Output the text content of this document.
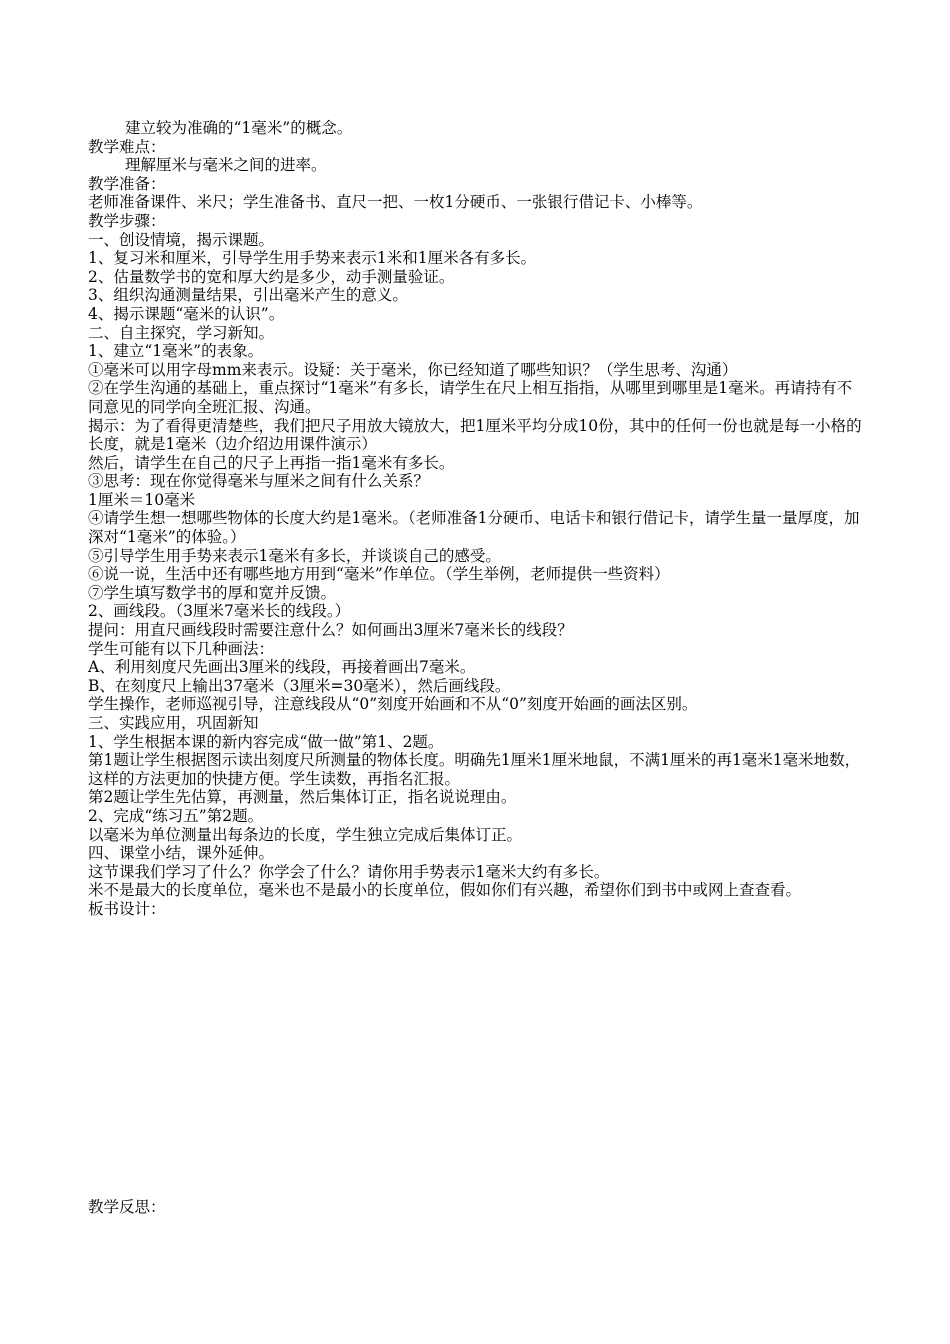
建立较为准确的“1毫米”的概念。
教学难点：
理解厘米与毫米之间的进率。
教学准备：
老师准备课件、米尺；学生准备书、直尺一把、一枚1分硬币、一张银行借记卡、小棒等。
教学步骤：
一、创设情境，揭示课题。
1、复习米和厘米，引导学生用手势来表示1米和1厘米各有多长。
2、估量数学书的宽和厚大约是多少，动手测量验证。
3、组织沟通测量结果，引出毫米产生的意义。
4、揭示课题“毫米的认识”。
二、自主探究，学习新知。
1、建立“1毫米”的表象。
①毫米可以用字母mm来表示。设疑：关于毫米，你已经知道了哪些知识？（学生思考、沟通）
②在学生沟通的基础上，重点探讨“1毫米”有多长，请学生在尺上相互指指，从哪里到哪里是1毫米。再请持有不同意见的同学向全班汇报、沟通。
揭示：为了看得更清楚些，我们把尺子用放大镜放大，把1厘米平均分成10份，其中的任何一份也就是每一小格的长度，就是1毫米（边介绍边用课件演示）
然后，请学生在自己的尺子上再指一指1毫米有多长。
③思考：现在你觉得毫米与厘米之间有什么关系？
1厘米＝10毫米
④请学生想一想哪些物体的长度大约是1毫米。（老师准备1分硬币、电话卡和银行借记卡，请学生量一量厚度，加深对“1毫米”的体验。）
⑤引导学生用手势来表示1毫米有多长，并谈谈自己的感受。
⑥说一说，生活中还有哪些地方用到“毫米”作单位。（学生举例，老师提供一些资料）
⑦学生填写数学书的厚和宽并反馈。
2、画线段。（3厘米7毫米长的线段。）
提问：用直尺画线段时需要注意什么？如何画出3厘米7毫米长的线段？
学生可能有以下几种画法：
A、利用刻度尺先画出3厘米的线段，再接着画出7毫米。
B、在刻度尺上输出37毫米（3厘米=30毫米），然后画线段。
学生操作，老师巡视引导，注意线段从“0”刻度开始画和不从“0”刻度开始画的画法区别。
三、实践应用，巩固新知
1、学生根据本课的新内容完成“做一做”第1、2题。
第1题让学生根据图示读出刻度尺所测量的物体长度。明确先1厘米1厘米地鼠，不满1厘米的再1毫米1毫米地数，这样的方法更加的快捷方便。学生读数，再指名汇报。
第2题让学生先估算，再测量，然后集体订正，指名说说理由。
2、完成“练习五”第2题。
以毫米为单位测量出每条边的长度，学生独立完成后集体订正。
四、课堂小结，课外延伸。
这节课我们学习了什么？你学会了什么？请你用手势表示1毫米大约有多长。
米不是最大的长度单位，毫米也不是最小的长度单位，假如你们有兴趣，希望你们到书中或网上查查看。
板书设计：
教学反思：
